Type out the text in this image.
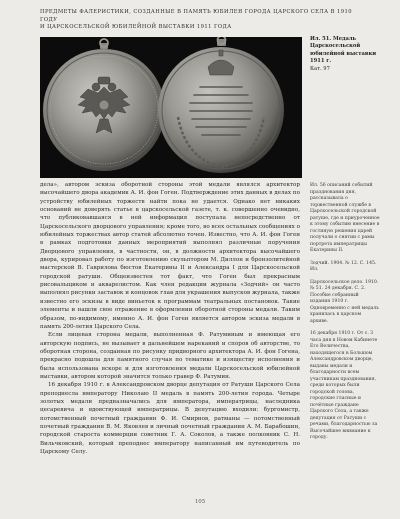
ПРЕДМЕТЫ ФАЛЕРИСТИКИ, СОЗДАННЫЕ В ПАМЯТЬ ЮБИЛЕЯ ГОРОДА ЦАРСКОГО СЕЛА В 1910 ГОДУ
И ЦАРСКОСЕЛЬСКОЙ ЮБИЛЕЙНОЙ ВЫСТАВКИ 1911 ГОДА
Ил. 51. Медаль Царскосельской юбилейной выставки 1911 г.
Кат. 97

дела», автором эскиза оборотной стороны этой медали являлся архитектор высочайшего двора академик А. И. фон Гоген. Подтверждение этих данных в делах по устройству юбилейных торжеств найти пока не удается. Однако нет никаких оснований не доверять статье в царскосельской газете, т. к. совершенно очевидно, что публиковавшаяся в ней информация поступала непосредственно от Царскосельского дворцового управления; кроме того, во всех остальных сообщениях о юбилейных торжествах автор статей абсолютно точен. Известно, что А. И. фон Гоген в рамках подготовки данных мероприятий выполнял различные поручения Дворцового управления, в частности, он, в должности архитектора высочайшего двора, курировал работу по изготовлению скульптором М. Диллон и бронзолитейной мастерской В. Гавриловa бюстов Екатерины II и Александра I для Царскосельской городской ратуши. Общеизвестен тот факт, что Гоген был прекрасным рисовальщиком и акварелистом. Как член редакции журнала «Зодчий» он часто выполнял рисунки заставок и концовок глав для украшения выпусков журнала, также известно его эскизы в виде виньеток к программам театральных постановок. Такие элементы и нашли свое отражение в оформлении оборотной стороны медали. Таким образом, по-видимому, именно А. И. фон Гоген является автором эскиза медали в память 200-летия Царского Села.

Если лицевая сторона медали, выполненная Ф. Ратуминым и имеющая его авторскую подпись, не вызывает в дальнейшем нареканий и споров об авторстве, то оборотная сторона, созданная по рисунку придворного архитектора А. И. фон Гогена, прекрасно подошла для памятного случая по тематике и изяществу исполнения и была использована вскоре и для изготовления медали Царскосельской юбилейной выставки, автором которой значится только гравер Ф. Ратумин.

16 декабря 1910 г. в Александровском дворце депутация от Ратуши Царского Села преподнесла императору Николаю II медаль в память 200-летия города. Четыре золотых медали предназначались для императора, императрицы, наследника цесаревича и вдовствующей императрицы. В депутацию входили: бургомистр, потомственный почетный гражданин Ф. И. Смирнов, ратманы — потомственный почетный гражданин В. М. Яковлев и личный почетный гражданин А. М. Барабошин, городской староста коммерции советник Г. А. Соколов, а также полковник С. Н. Вильчковский, который преподнес императору написанный им путеводитель по Царскому Селу.

Ил. 56 описаний событий празднования дня, рассказывала о торжественной службе в Царскосельской городской ратуше, где и приуроченное к этому событию внесение в гостиную решения царей получали о снятии с рамы портрета императрицы Екатерины II.

Зодчий. 1904. № 12. С. 145. Ил.

Царскосельское дело. 1910. № 51. 24 декабря. С. 2. Пособие собранный издания 1910 г. Одновременно с ней медаль хранилась в царском архиве.

16 декабря 1910 г. От с. 3 часа дня в Новом Кабинете Его Величества, находящегося в Большом Александровском дворце, выданы медали и благодарности всем участникам празднования, среди которых были городской голова, городские гласные и почётные граждане Царского Села, а также депутация от Ратуши с речами, благодарностью за Высочайшее внимание к городу.

105
